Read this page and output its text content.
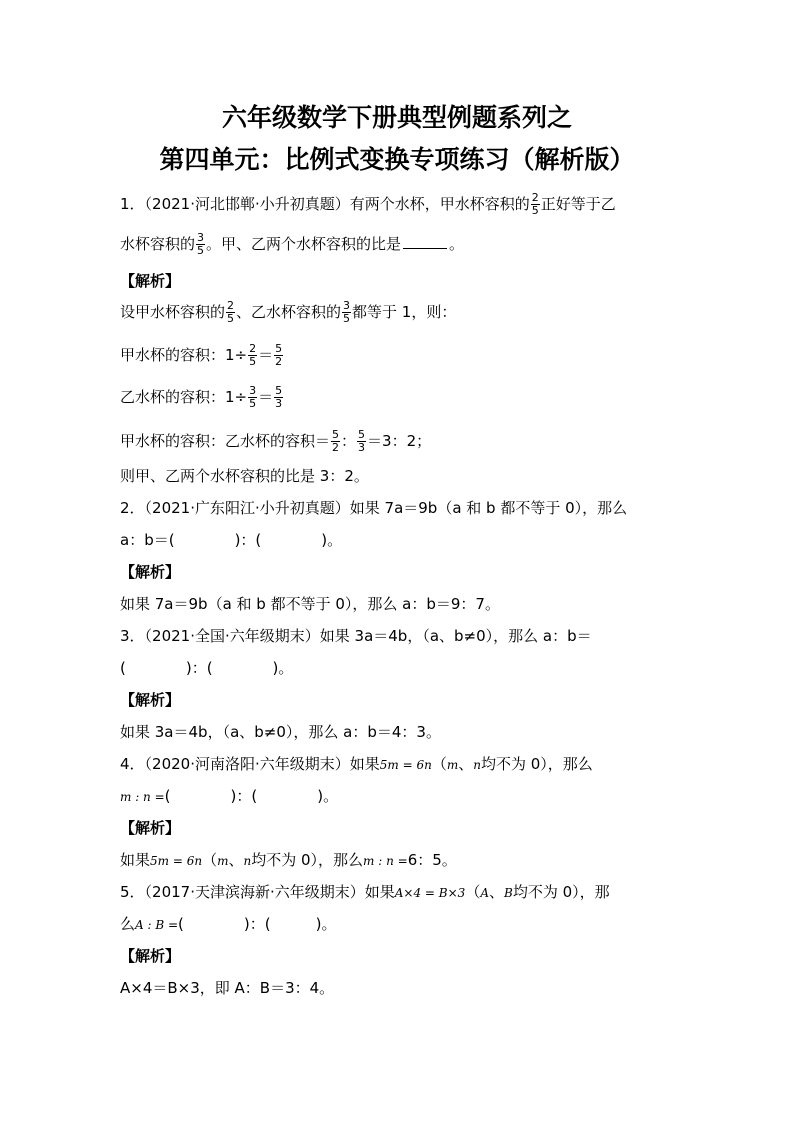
六年级数学下册典型例题系列之
第四单元：比例式变换专项练习（解析版）

1．（2021·河北邯郸·小升初真题）有两个水杯，甲水杯容积的 $\frac{2}{5}$ 正好等于乙

水杯容积的 $\frac{3}{5}$ 。甲、乙两个水杯容积的比是	。

【解析】

设甲水杯容积的 $\frac{2}{5}$ 、乙水杯容积的 $\frac{3}{5}$ 都等于 1，则：

甲水杯的容积：$1\div \frac{2}{5} = \frac{5}{2}$

乙水杯的容积：$1\div \frac{3}{5} = \frac{5}{3}$

甲水杯的容积：乙水杯的容积＝ $\frac{5}{2}$ ： $\frac{5}{3} =3$：2；

则甲、乙两个水杯容积的比是 3：2。

2．（2021·广东阳江·小升初真题）如果 7a＝9b（a 和 b 都不等于 0），那么

a：b＝(　　　　)：(　　　　)。

【解析】

如果 7a＝9b（a 和 b 都不等于 0），那么 a：b＝9：7。

3．（2021·全国·六年级期末）如果 3a＝4b，（a、b≠0），那么 a：b＝

(　　　　)：(　　　　)。

【解析】

如果 3a＝4b，（a、b≠0），那么 a：b＝4：3。

4．（2020·河南洛阳·六年级期末）如果5m = 6n（m、n均不为 0），那么

m : n =(　　　　)：(　　　　)。

【解析】

如果5m = 6n（m、n均不为 0），那么m : n =6：5。

5．（2017·天津滨海新·六年级期末）如果A×4 = B×3（A、B均不为 0），那

么A : B =(　　　　)：(　　　)。

【解析】

A×4＝B×3，即 A：B＝3：4。
